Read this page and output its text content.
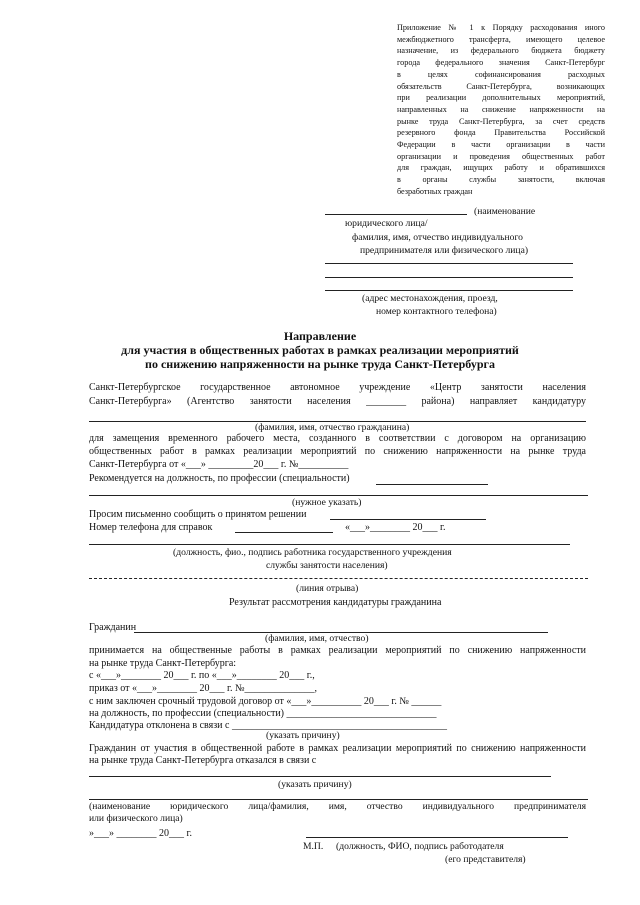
Приложение № 1 к Порядку расходования иного
межбюджетного трансферта, имеющего целевое
назначение, из федерального бюджета бюджету
города федерального значения Санкт-Петербург
в целях софинансирования расходных
обязательств Санкт-Петербурга, возникающих
при реализации дополнительных мероприятий,
направленных на снижение напряженности на
рынке труда Санкт-Петербурга, за счет средств
резервного фонда Правительства Российской
Федерации в части организации в части
организации и проведения общественных работ
для граждан, ищущих работу и обратившихся
в органы службы занятости, включая
безработных граждан
(наименование
юридического лица/
фамилия, имя, отчество индивидуального
предпринимателя или физического лица)
(адрес местонахождения, проезд,
номер контактного телефона)
Направление
для участия в общественных работах в рамках реализации мероприятий
по снижению напряженности на рынке труда Санкт-Петербурга
Санкт-Петербургское государственное автономное учреждение «Центр занятости населения
Санкт-Петербурга» (Агентство занятости населения ________ района) направляет кандидатуру
(фамилия, имя, отчество гражданина)
для замещения временного рабочего места, созданного в соответствии с договором на организацию
общественных работ в рамках реализации мероприятий по снижению напряженности на рынке труда
Санкт-Петербурга от «___» _________20___ г. №__________
Рекомендуется на должность, по профессии (специальности)
(нужное указать)
Просим письменно сообщить о принятом решении
Номер телефона для справок	«___»________ 20___ г.
(должность, фио., подпись работника государственного учреждения
службы занятости населения)
(линия отрыва)
Результат рассмотрения кандидатуры гражданина
Гражданин
(фамилия, имя, отчество)
принимается на общественные работы в рамках реализации мероприятий по снижению напряженности
на рынке труда Санкт-Петербурга:
с «___»________ 20___ г. по «___»________ 20___ г.,
приказ от «___»________ 20___ г. №______________,
с ним заключен срочный трудовой договор от «___»__________ 20___ г. № ______
на должность, по профессии (специальности) ______________________________
Кандидатура отклонена в связи с ___________________________________________
(указать причину)
Гражданин от участия в общественной работе в рамках реализации мероприятий по снижению напряженности
на рынке труда Санкт-Петербурга отказался в связи с
(указать причину)
(наименование юридического лица/фамилия, имя, отчество индивидуального предпринимателя
или физического лица)
»___» ________ 20___ г.
М.П. (должность, ФИО, подпись работодателя
(его представителя)
